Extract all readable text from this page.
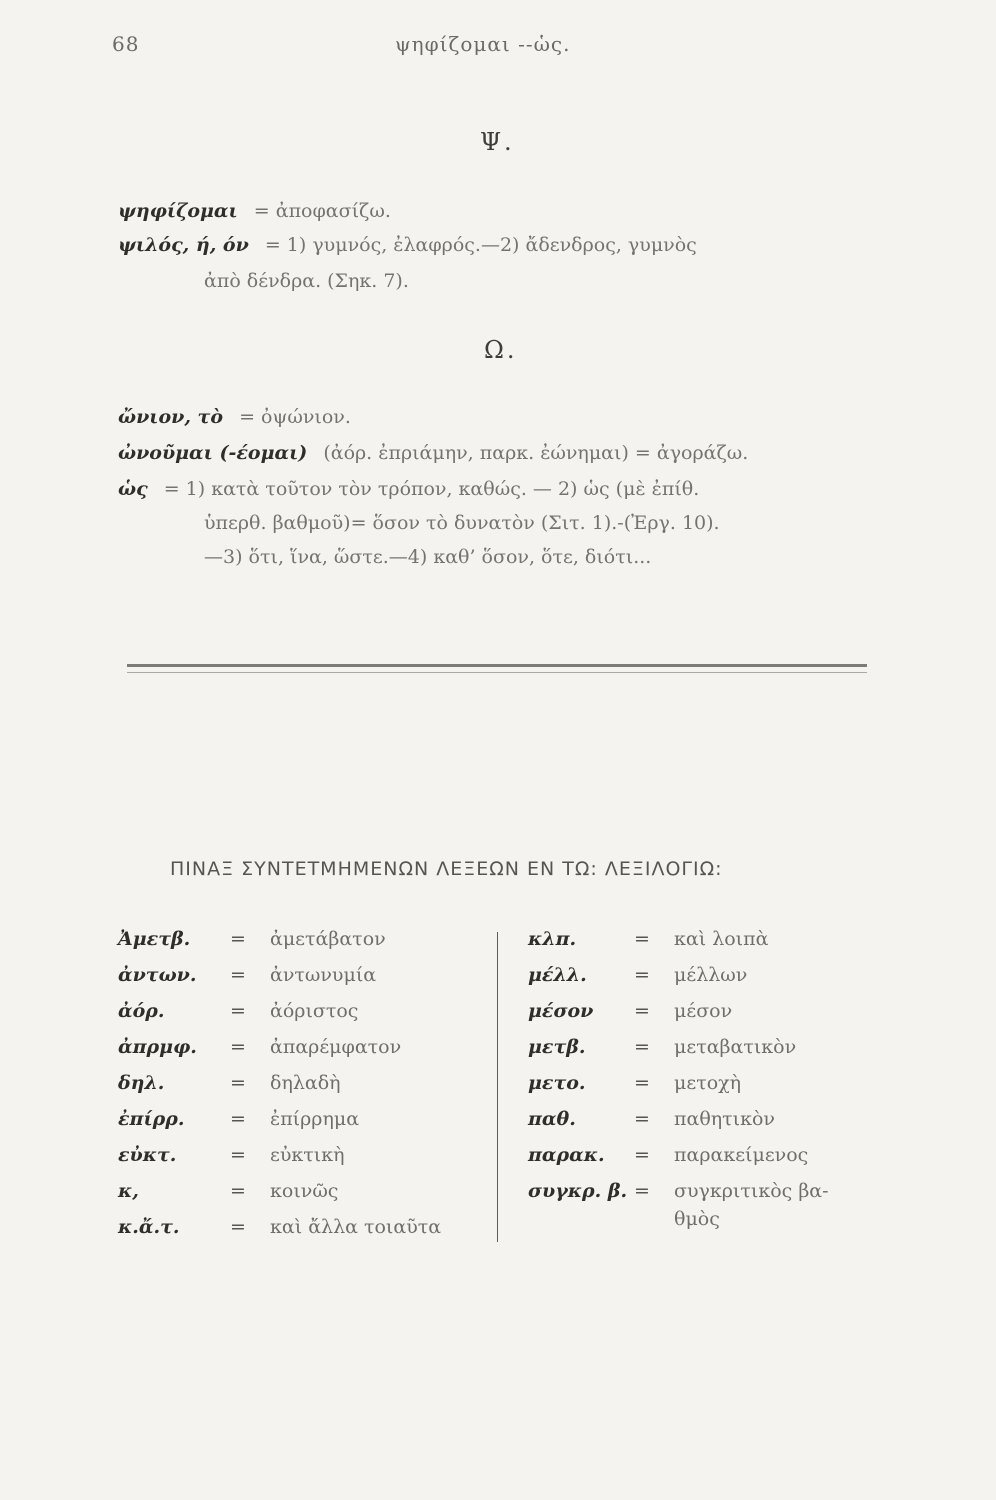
68	ψηφίζομαι --ὡς.
Ψ.
ψηφίζομαι = ἀποφασίζω.
ψιλός, ή, όν = 1) γυμνός, ἐλαφρός.—2) ἄδενδρος, γυμνὸς
ἀπὸ δένδρα. (Σηκ. 7).
Ω.
ὤνιον, τὸ = ὀψώνιον.
ὠνοῦμαι (-έομαι) (ἀόρ. ἐπριάμην, παρκ. ἐώνημαι) = ἀγοράζω.
ὡς = 1) κατὰ τοῦτον τὸν τρόπον, καθώς. — 2) ὡς (μὲ ἐπίθ.
ὑπερθ. βαθμοῦ)= ὅσον τὸ δυνατὸν (Σιτ. 1).-(Ἐργ. 10).
—3) ὅτι, ἵνα, ὥστε.—4) καθ’ ὅσον, ὅτε, διότι...
ΠΙΝΑΞ ΣΥΝΤΕΤΜΗΜΕΝΩΝ ΛΕΞΕΩΝ ΕΝ ΤΩ: ΛΕΞΙΛΟΓΙΩ:
Ἀμετβ. = ἀμετάβατον
ἀντων. = ἀντωνυμία
ἀόρ.	= ἀόριστος
ἀπρμφ. = ἀπαρέμφατον
δηλ.	= δηλαδὴ
ἐπίρρ. = ἐπίρρημα
εὐκτ.	= εὐκτικὴ
κ,	= κοινῶς
κ.ἄ.τ.	= καὶ ἄλλα τοιαῦτα
κλπ.	= καὶ λοιπὰ
μέλλ. = μέλλων
μέσον = μέσον
μετβ.	= μεταβατικὸν
μετο.	= μετοχὴ
παθ.	= παθητικὸν
παρακ. = παρακείμενος
συγκρ. β. = συγκριτικὸς βα-
θμὸς
